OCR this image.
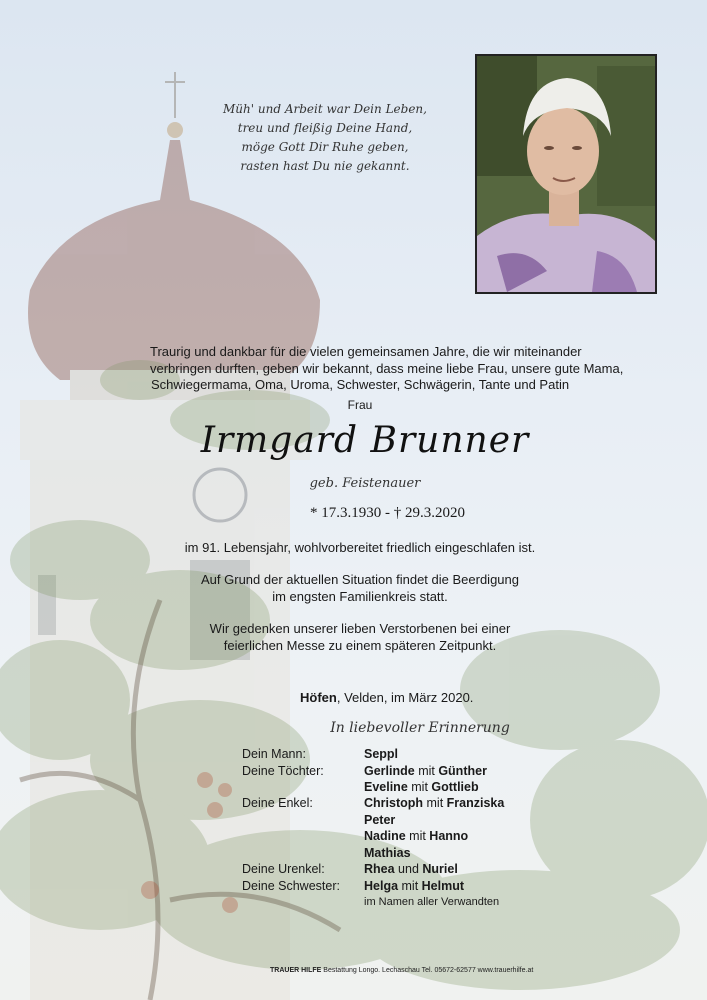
Müh' und Arbeit war Dein Leben,
treu und fleißig Deine Hand,
möge Gott Dir Ruhe geben,
rasten hast Du nie gekannt.
Traurig und dankbar für die vielen gemeinsamen Jahre, die wir miteinander
verbringen durften, geben wir bekannt, dass meine liebe Frau, unsere gute Mama,
Schwiegermama, Oma, Uroma, Schwester, Schwägerin, Tante und Patin
Frau
Irmgard Brunner
geb. Feistenauer
* 17.3.1930 - † 29.3.2020
im 91. Lebensjahr, wohlvorbereitet friedlich eingeschlafen ist.
Auf Grund der aktuellen Situation findet die Beerdigung
im engsten Familienkreis statt.
Wir gedenken unserer lieben Verstorbenen bei einer
feierlichen Messe zu einem späteren Zeitpunkt.
Höfen, Velden, im März 2020.
In liebevoller Erinnerung
Dein Mann:
Deine Töchter:
Deine Enkel:
Deine Urenkel:
Deine Schwester:
Seppl
Gerlinde mit Günther
Eveline mit Gottlieb
Christoph mit Franziska
Peter
Nadine mit Hanno
Mathias
Rhea und Nuriel
Helga mit Helmut
im Namen aller Verwandten
TRAUER HILFE Bestattung Longo. Lechaschau Tel. 05672-62577 www.trauerhilfe.at
